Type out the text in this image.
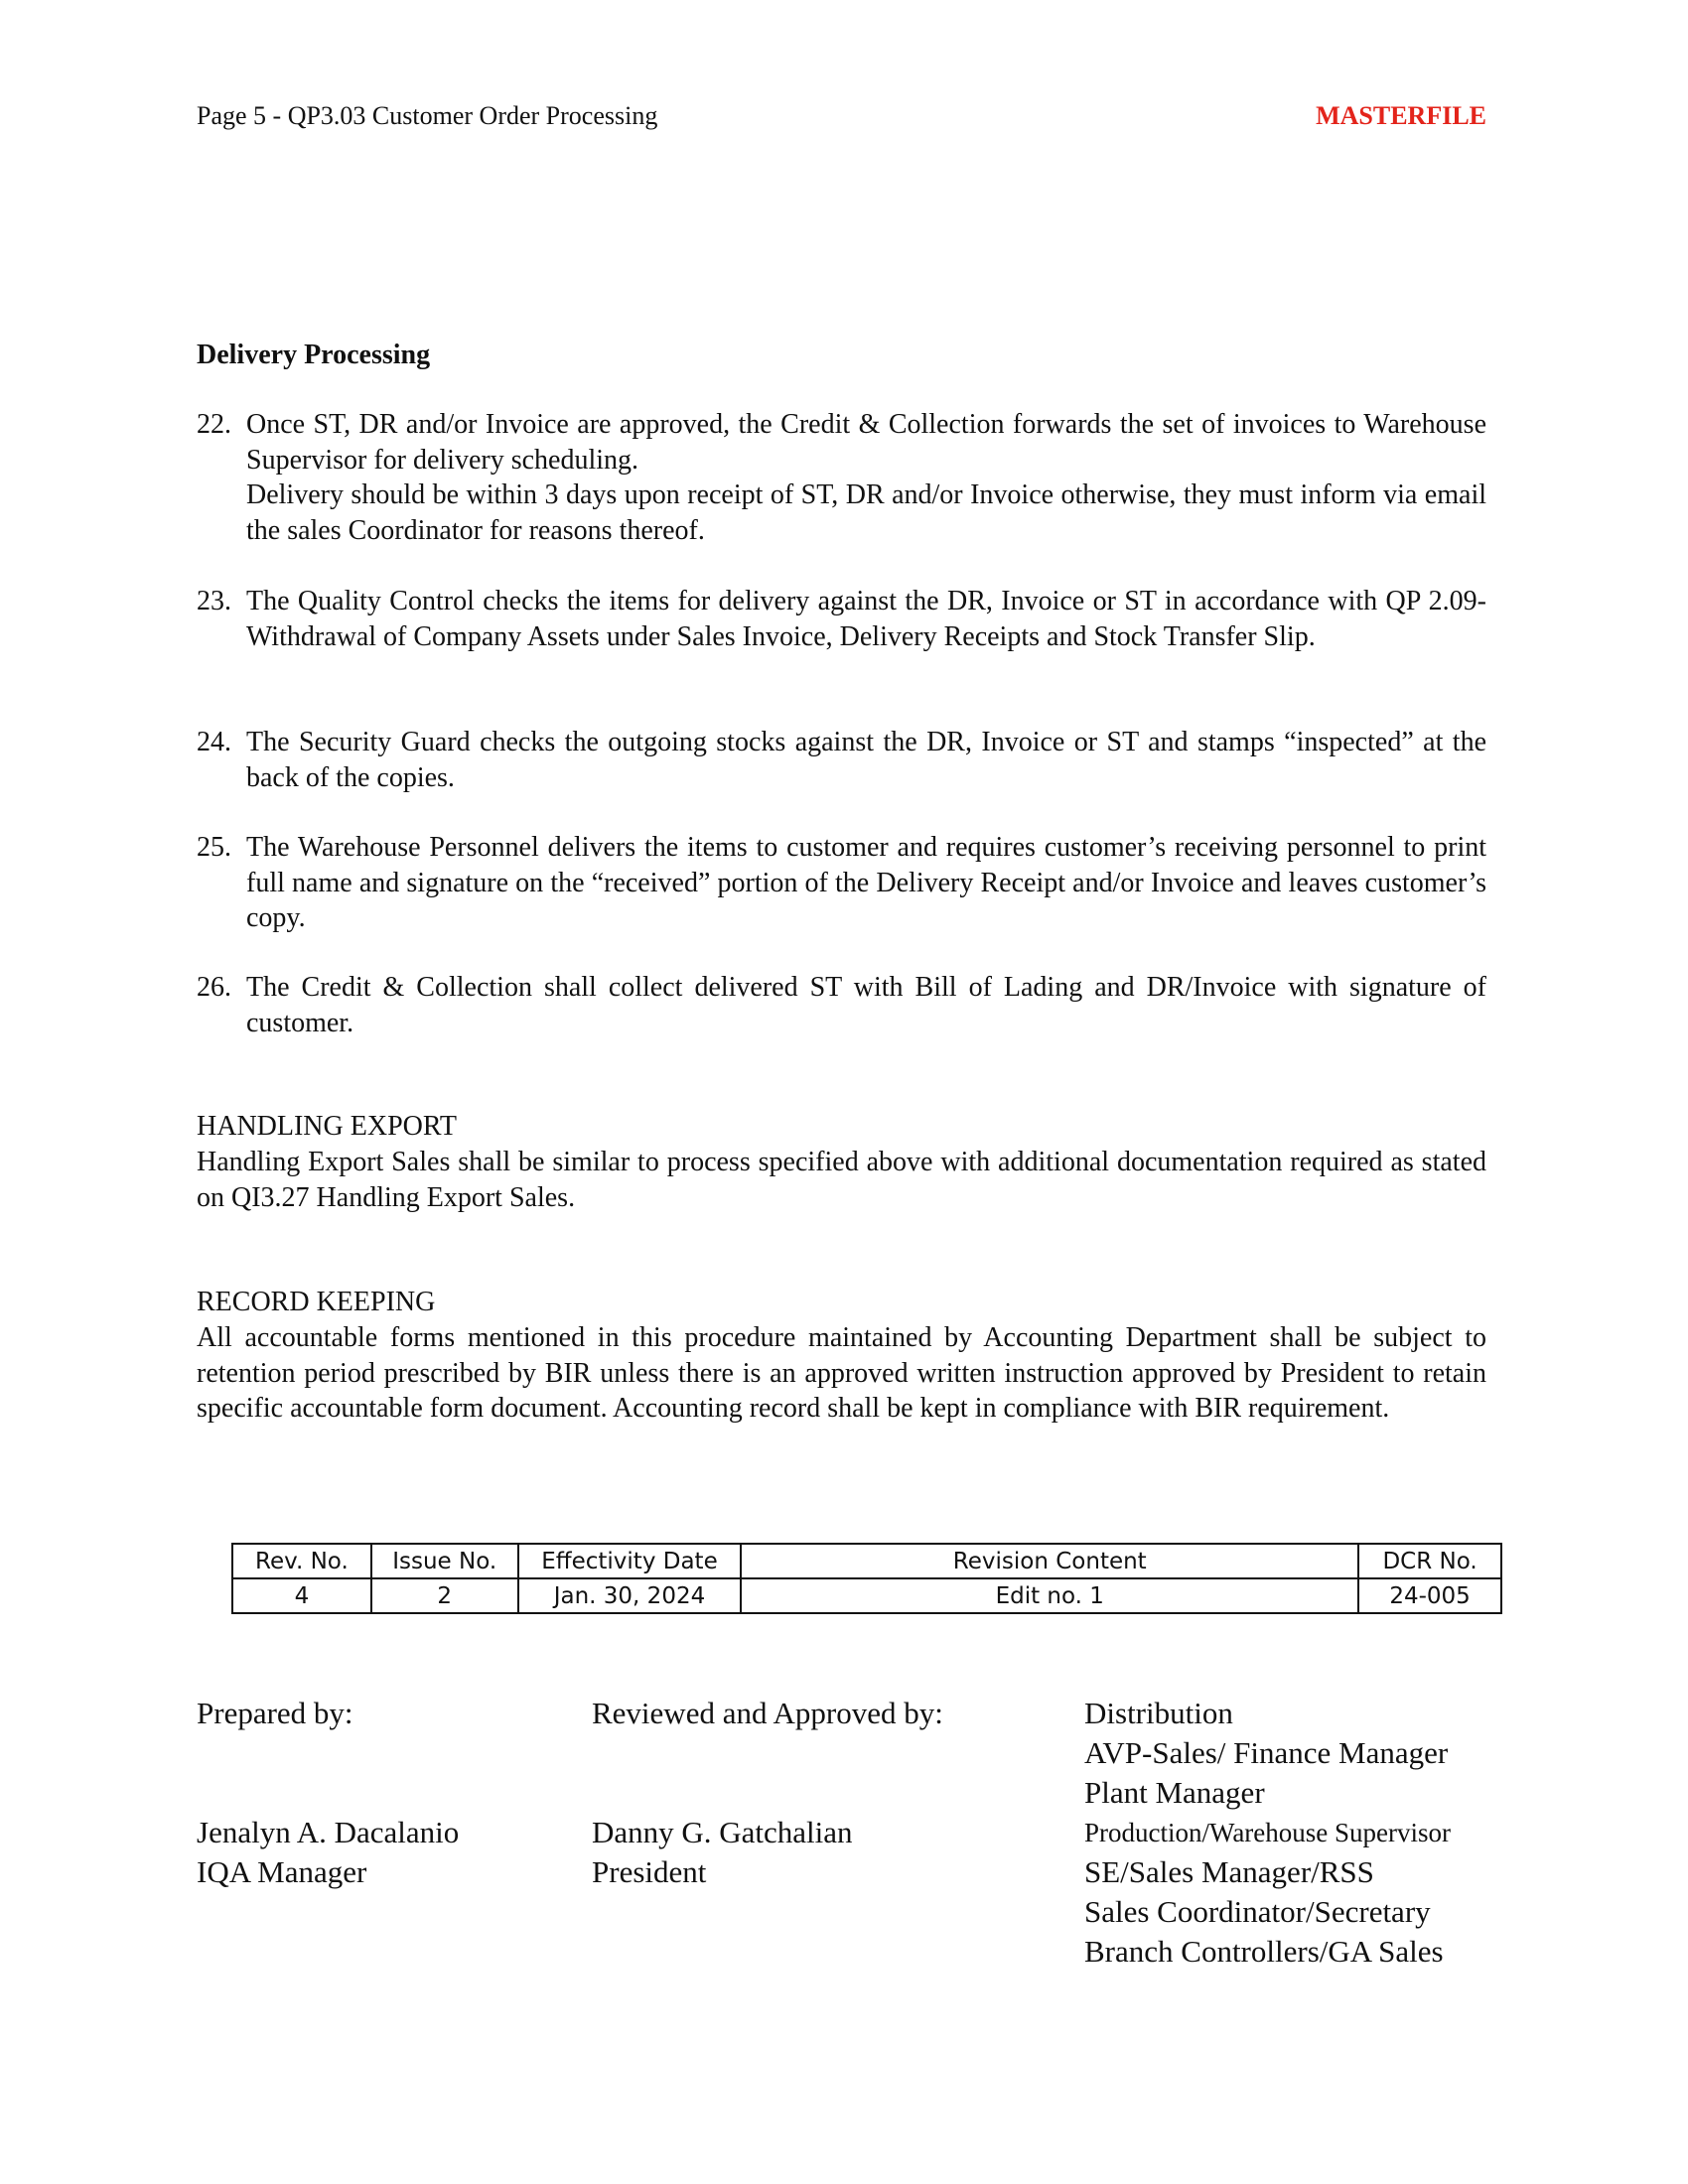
Page 5 - QP3.03 Customer Order Processing	MASTERFILE
Delivery Processing
22. Once ST, DR and/or Invoice are approved, the Credit & Collection forwards the set of invoices to Warehouse Supervisor for delivery scheduling.

Delivery should be within 3 days upon receipt of ST, DR and/or Invoice otherwise, they must inform via email the sales Coordinator for reasons thereof.

23. The Quality Control checks the items for delivery against the DR, Invoice or ST in accordance with QP 2.09- Withdrawal of Company Assets under Sales Invoice, Delivery Receipts and Stock Transfer Slip.

24. The Security Guard checks the outgoing stocks against the DR, Invoice or ST and stamps “inspected” at the back of the copies.

25. The Warehouse Personnel delivers the items to customer and requires customer’s receiving personnel to print full name and signature on the “received” portion of the Delivery Receipt and/or Invoice and leaves customer’s copy.

26. The Credit & Collection shall collect delivered ST with Bill of Lading and DR/Invoice with signature of customer.

HANDLING EXPORT
Handling Export Sales shall be similar to process specified above with additional documentation required as stated on QI3.27 Handling Export Sales.
RECORD KEEPING
All accountable forms mentioned in this procedure maintained by Accounting Department shall be subject to retention period prescribed by BIR unless there is an approved written instruction approved by President to retain specific accountable form document. Accounting record shall be kept in compliance with BIR requirement.
Rev. No.	Issue No.	Effectivity Date	Revision Content	DCR No.
4	2	Jan. 30, 2024	Edit no. 1	24-005
Prepared by:
Jenalyn A. Dacalanio
IQA Manager
Reviewed and Approved by:
Danny G. Gatchalian
President
Distribution
AVP-Sales/ Finance Manager
Plant Manager
Production/Warehouse Supervisor
SE/Sales Manager/RSS
Sales Coordinator/Secretary
Branch Controllers/GA Sales
